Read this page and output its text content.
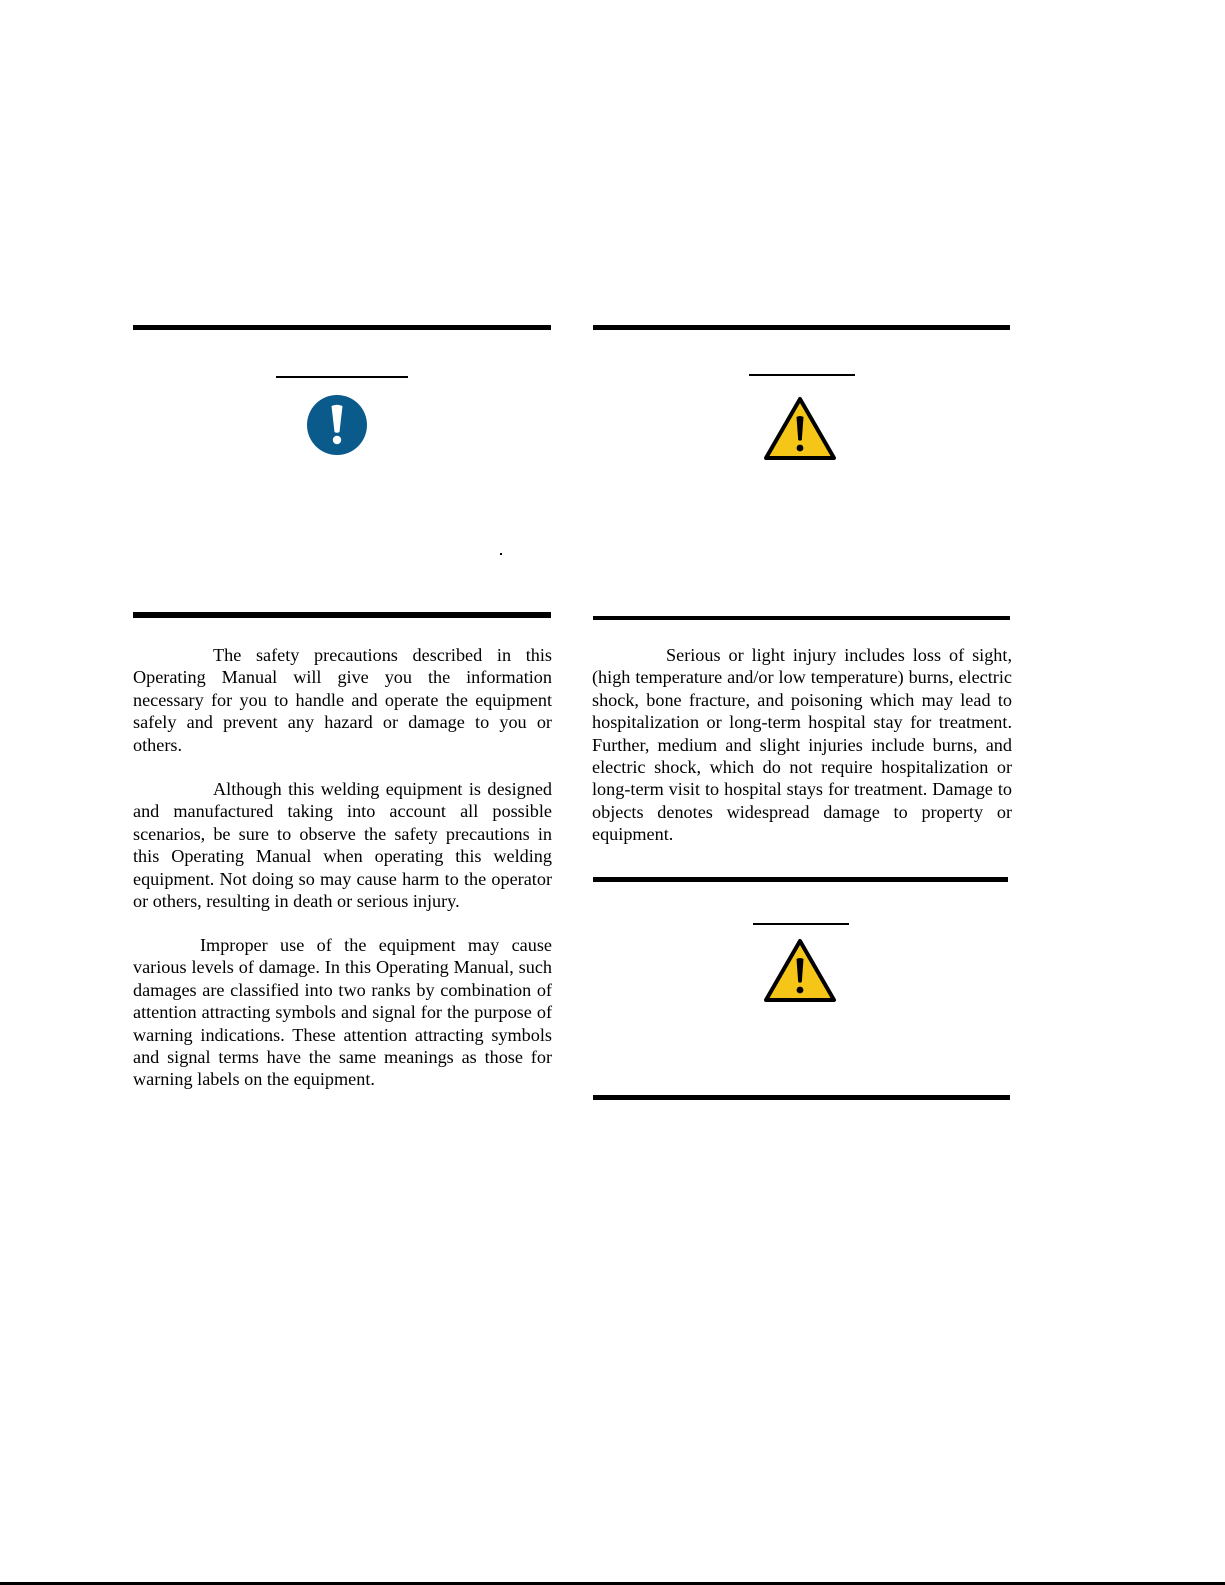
The safety precautions described in this Operating Manual will give you the information necessary for you to handle and operate the equipment safely and prevent any hazard or damage to you or others.

Although this welding equipment is designed and manufactured taking into account all possible scenarios, be sure to observe the safety precautions in this Operating Manual when operating this welding equipment. Not doing so may cause harm to the operator or others, resulting in death or serious injury.

Improper use of the equipment may cause various levels of damage. In this Operating Manual, such damages are classified into two ranks by combination of attention attracting symbols and signal for the purpose of warning indications. These attention attracting symbols and signal terms have the same meanings as those for warning labels on the equipment.

Serious or light injury includes loss of sight, (high temperature and/or low temperature) burns, electric shock, bone fracture, and poisoning which may lead to hospitalization or long-term hospital stay for treatment. Further, medium and slight injuries include burns, and electric shock, which do not require hospitalization or long-term visit to hospital stays for treatment. Damage to objects denotes widespread damage to property or equipment.
